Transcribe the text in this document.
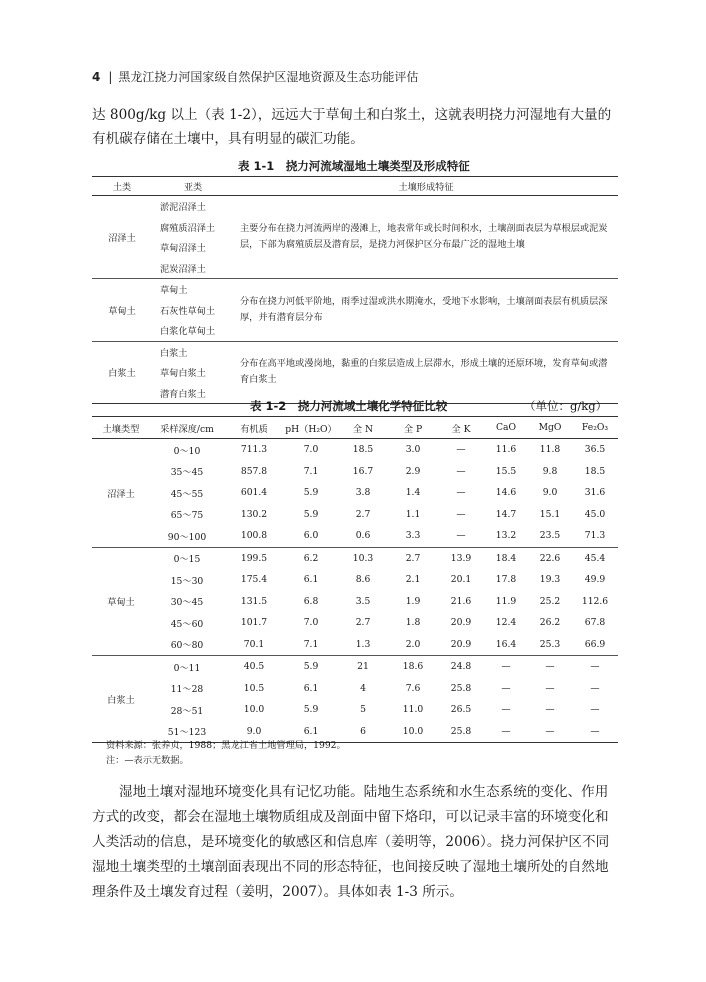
4 | 黑龙江挠力河国家级自然保护区湿地资源及生态功能评估

达 800g/kg 以上（表 1-2），远远大于草甸土和白浆土，这就表明挠力河湿地有大量的有机碳存储在土壤中，具有明显的碳汇功能。

表 1-1　挠力河流域湿地土壤类型及形成特征
土类	亚类	土壤形成特征
沼泽土	淤泥沼泽土	主要分布在挠力河流两岸的漫滩上，地表常年或长时间积水，土壤剖面表层为草根层或泥炭层，下部为腐殖质层及潜育层，是挠力河保护区分布最广泛的湿地土壤
	腐殖质沼泽土	
	草甸沼泽土	
	泥炭沼泽土	
草甸土	草甸土	分布在挠力河低平阶地，雨季过湿或洪水期淹水，受地下水影响，土壤剖面表层有机质层深厚，并有潜育层分布
	石灰性草甸土	
	白浆化草甸土	
白浆土	白浆土	分布在高平地或漫岗地，黏重的白浆层造成上层滞水，形成土壤的还原环境，发育草甸或潜育白浆土
	草甸白浆土	
	潜育白浆土	
表 1-2　挠力河流域土壤化学特征比较	（单位：g/kg）
土壤类型	采样深度/cm	有机质	pH（H₂O）	全 N	全 P	全 K	CaO	MgO	Fe₂O₃
沼泽土	0～10	711.3	7.0	18.5	3.0	—	11.6	11.8	36.5
	35～45	857.8	7.1	16.7	2.9	—	15.5	9.8	18.5
	45～55	601.4	5.9	3.8	1.4	—	14.6	9.0	31.6
	65～75	130.2	5.9	2.7	1.1	—	14.7	15.1	45.0
	90～100	100.8	6.0	0.6	3.3	—	13.2	23.5	71.3
草甸土	0～15	199.5	6.2	10.3	2.7	13.9	18.4	22.6	45.4
	15～30	175.4	6.1	8.6	2.1	20.1	17.8	19.3	49.9
	30～45	131.5	6.8	3.5	1.9	21.6	11.9	25.2	112.6
	45～60	101.7	7.0	2.7	1.8	20.9	12.4	26.2	67.8
	60～80	70.1	7.1	1.3	2.0	20.9	16.4	25.3	66.9
白浆土	0～11	40.5	5.9	21	18.6	24.8	—	—	—
	11～28	10.5	6.1	4	7.6	25.8	—	—	—
	28～51	10.0	5.9	5	11.0	26.5	—	—	—
	51～123	9.0	6.1	6	10.0	25.8	—	—	—
资料来源：张养贞，1988；黑龙江省土地管理局，1992。
注：—表示无数据。

湿地土壤对湿地环境变化具有记忆功能。陆地生态系统和水生态系统的变化、作用方式的改变，都会在湿地土壤物质组成及剖面中留下烙印，可以记录丰富的环境变化和人类活动的信息，是环境变化的敏感区和信息库（姜明等，2006）。挠力河保护区不同湿地土壤类型的土壤剖面表现出不同的形态特征，也间接反映了湿地土壤所处的自然地理条件及土壤发育过程（姜明，2007）。具体如表 1-3 所示。
